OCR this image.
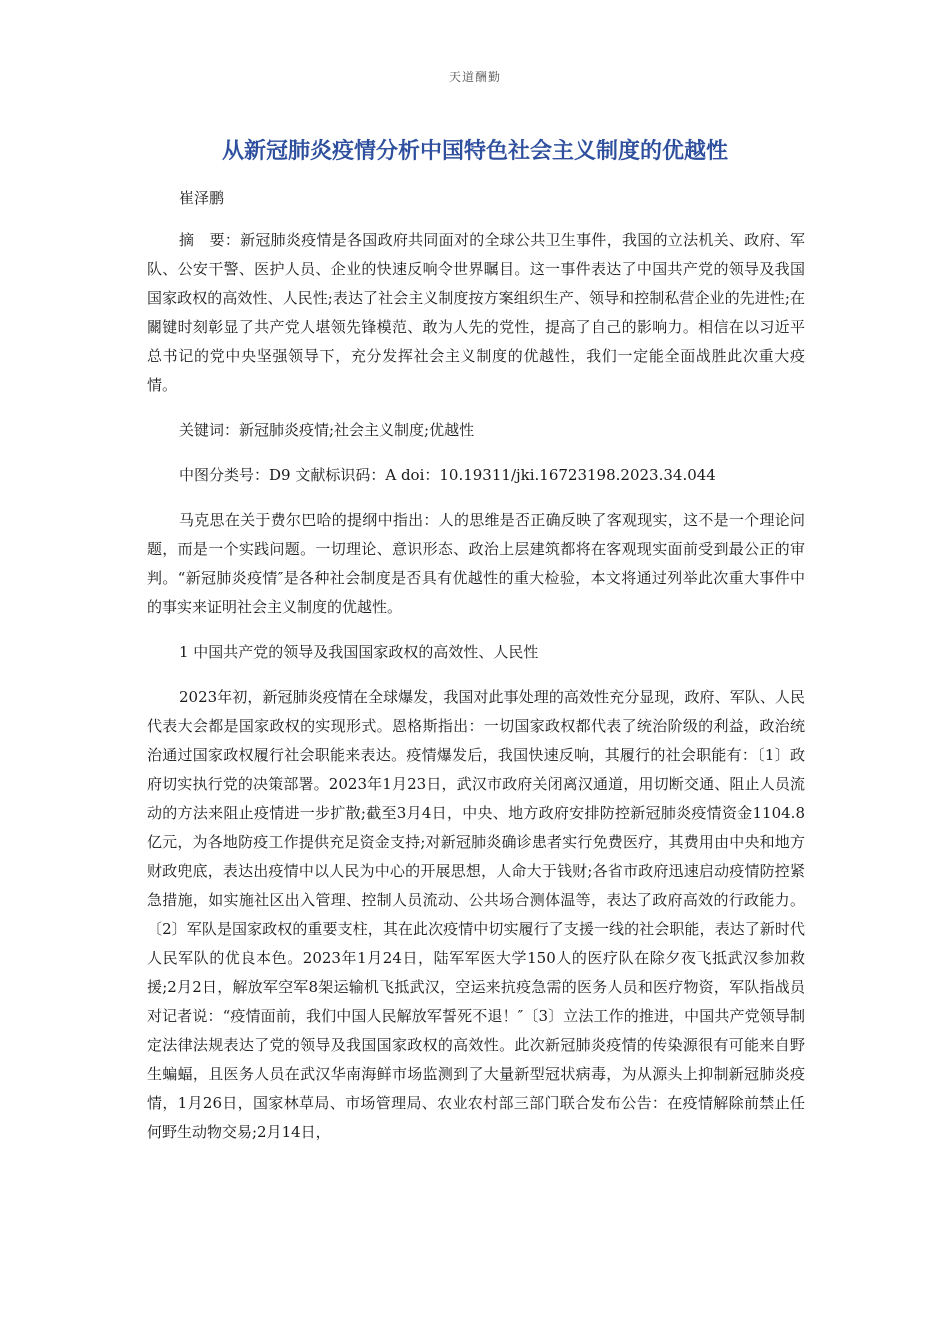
天道酬勤
从新冠肺炎疫情分析中国特色社会主义制度的优越性

崔泽鹏

摘　要：新冠肺炎疫情是各国政府共同面对的全球公共卫生事件，我国的立法机关、政府、军队、公安干警、医护人员、企业的快速反响令世界瞩目。这一事件表达了中国共产党的领导及我国国家政权的高效性、人民性;表达了社会主义制度按方案组织生产、领导和控制私营企业的先进性;在關键时刻彰显了共产党人堪领先锋模范、敢为人先的党性，提高了自己的影响力。相信在以习近平总书记的党中央坚强领导下，充分发挥社会主义制度的优越性，我们一定能全面战胜此次重大疫情。

关键词：新冠肺炎疫情;社会主义制度;优越性

中图分类号：D9 文献标识码：A doi：10.19311/jki.16723198.2023.34.044

马克思在关于费尔巴哈的提纲中指出：人的思维是否正确反映了客观现实，这不是一个理论问题，而是一个实践问题。一切理论、意识形态、政治上层建筑都将在客观现实面前受到最公正的审判。“新冠肺炎疫情″是各种社会制度是否具有优越性的重大检验，本文将通过列举此次重大事件中的事实来证明社会主义制度的优越性。

1 中国共产党的领导及我国国家政权的高效性、人民性

2023年初，新冠肺炎疫情在全球爆发，我国对此事处理的高效性充分显现，政府、军队、人民代表大会都是国家政权的实现形式。恩格斯指出：一切国家政权都代表了统治阶级的利益，政治统治通过国家政权履行社会职能来表达。疫情爆发后，我国快速反响，其履行的社会职能有：〔1〕政府切实执行党的决策部署。2023年1月23日，武汉市政府关闭离汉通道，用切断交通、阻止人员流动的方法来阻止疫情进一步扩散;截至3月4日，中央、地方政府安排防控新冠肺炎疫情资金1104.8亿元，为各地防疫工作提供充足资金支持;对新冠肺炎确诊患者实行免费医疗，其费用由中央和地方财政兜底，表达出疫情中以人民为中心的开展思想，人命大于钱财;各省市政府迅速启动疫情防控紧急措施，如实施社区出入管理、控制人员流动、公共场合测体温等，表达了政府高效的行政能力。〔2〕军队是国家政权的重要支柱，其在此次疫情中切实履行了支援一线的社会职能，表达了新时代人民军队的优良本色。2023年1月24日，陆军军医大学150人的医疗队在除夕夜飞抵武汉参加救援;2月2日，解放军空军8架运输机飞抵武汉，空运来抗疫急需的医务人员和医疗物资，军队指战员对记者说：“疫情面前，我们中国人民解放军誓死不退！″〔3〕立法工作的推进，中国共产党领导制定法律法规表达了党的领导及我国国家政权的高效性。此次新冠肺炎疫情的传染源很有可能来自野生蝙蝠，且医务人员在武汉华南海鲜市场监测到了大量新型冠状病毒，为从源头上抑制新冠肺炎疫情，1月26日，国家林草局、市场管理局、农业农村部三部门联合发布公告：在疫情解除前禁止任何野生动物交易;2月14日，
